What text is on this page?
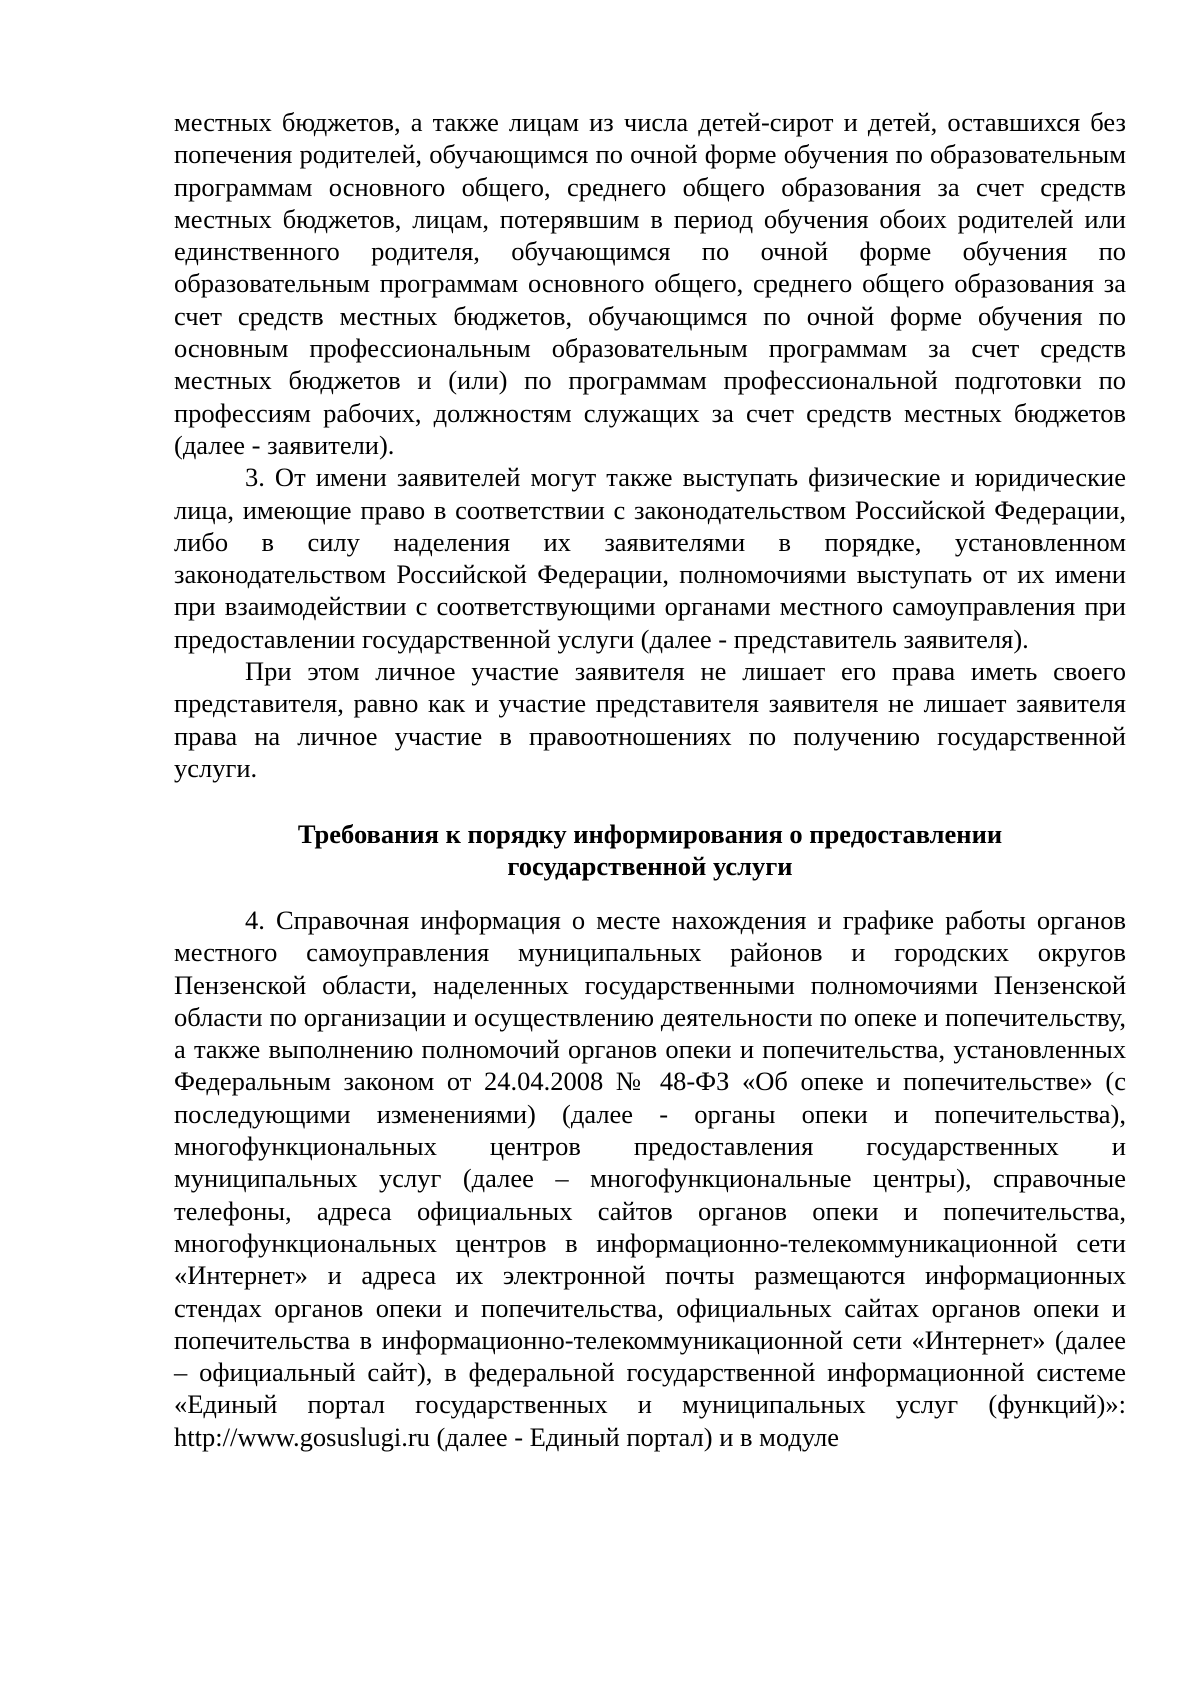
местных бюджетов, а также лицам из числа детей-сирот и детей, оставшихся без попечения родителей, обучающимся по очной форме обучения по образовательным программам основного общего, среднего общего образования за счет средств местных бюджетов, лицам, потерявшим в период обучения обоих родителей или единственного родителя, обучающимся по очной форме обучения по образовательным программам основного общего, среднего общего образования за счет средств местных бюджетов, обучающимся по очной форме обучения по основным профессиональным образовательным программам за счет средств местных бюджетов и (или) по программам профессиональной подготовки по профессиям рабочих, должностям служащих за счет средств местных бюджетов (далее - заявители).

3. От имени заявителей могут также выступать физические и юридические лица, имеющие право в соответствии с законодательством Российской Федерации, либо в силу наделения их заявителями в порядке, установленном законодательством Российской Федерации, полномочиями выступать от их имени при взаимодействии с соответствующими органами местного самоуправления при предоставлении государственной услуги (далее - представитель заявителя).

При этом личное участие заявителя не лишает его права иметь своего представителя, равно как и участие представителя заявителя не лишает заявителя права на личное участие в правоотношениях по получению государственной услуги.

Требования к порядку информирования о предоставлении
государственной услуги

4. Справочная информация о месте нахождения и графике работы органов местного самоуправления муниципальных районов и городских округов Пензенской области, наделенных государственными полномочиями Пензенской области по организации и осуществлению деятельности по опеке и попечительству, а также выполнению полномочий органов опеки и попечительства, установленных Федеральным законом от 24.04.2008 № 48-ФЗ «Об опеке и попечительстве» (с последующими изменениями) (далее - органы опеки и попечительства), многофункциональных центров предоставления государственных и муниципальных услуг (далее – многофункциональные центры), справочные телефоны, адреса официальных сайтов органов опеки и попечительства, многофункциональных центров в информационно-телекоммуникационной сети «Интернет» и адреса их электронной почты размещаются информационных стендах органов опеки и попечительства, официальных сайтах органов опеки и попечительства в информационно-телекоммуникационной сети «Интернет» (далее – официальный сайт), в федеральной государственной информационной системе «Единый портал государственных и муниципальных услуг (функций)»: http://www.gosuslugi.ru (далее - Единый портал) и в модуле
